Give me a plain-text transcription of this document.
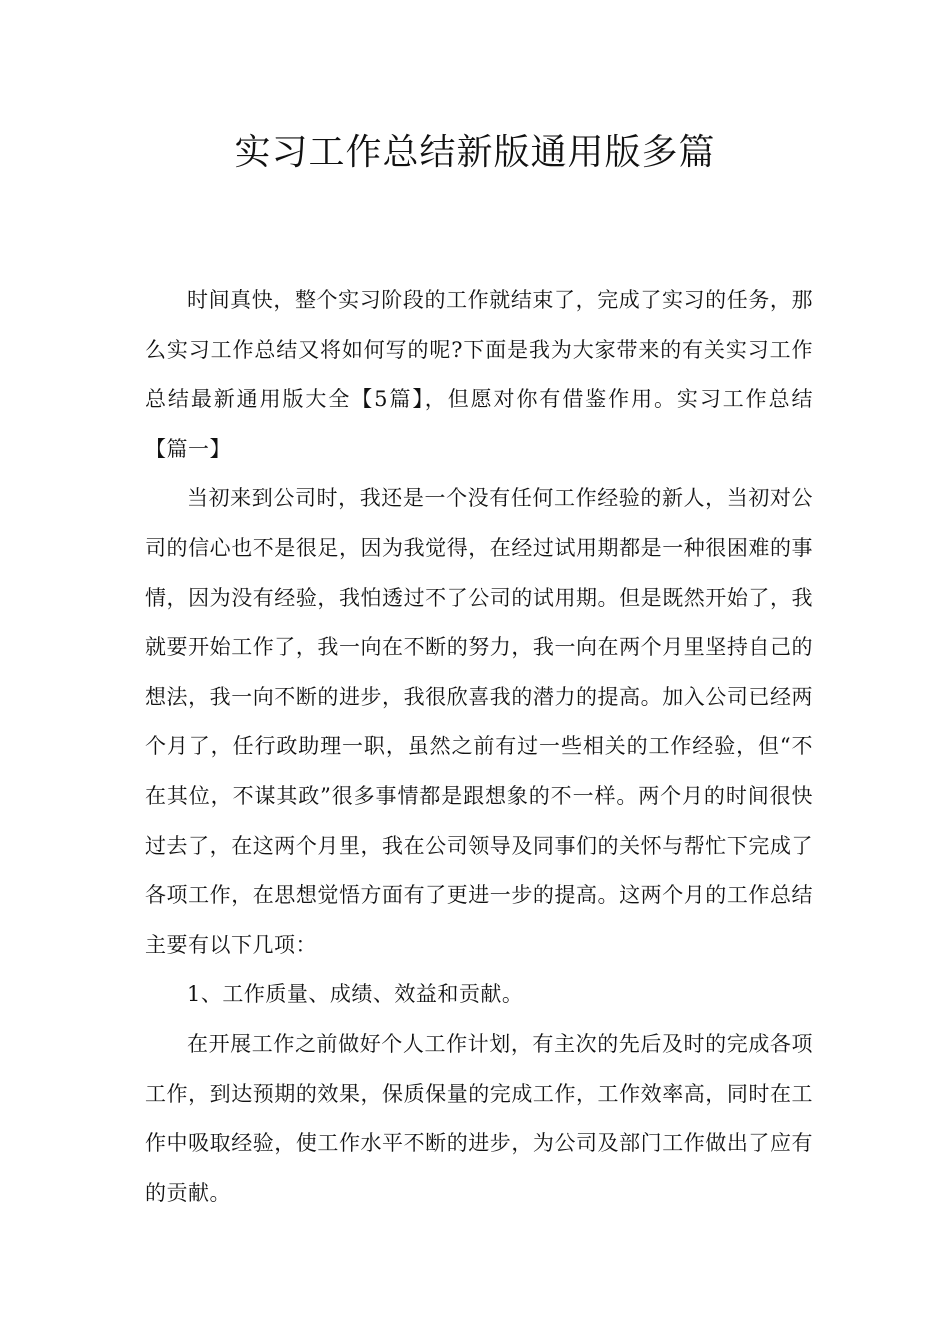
实习工作总结新版通用版多篇

时间真快，整个实习阶段的工作就结束了，完成了实习的任务，那么实习工作总结又将如何写的呢?下面是我为大家带来的有关实习工作总结最新通用版大全【5篇】，但愿对你有借鉴作用。实习工作总结【篇一】

当初来到公司时，我还是一个没有任何工作经验的新人，当初对公司的信心也不是很足，因为我觉得，在经过试用期都是一种很困难的事情，因为没有经验，我怕透过不了公司的试用期。但是既然开始了，我就要开始工作了，我一向在不断的努力，我一向在两个月里坚持自己的想法，我一向不断的进步，我很欣喜我的潜力的提高。加入公司已经两个月了，任行政助理一职，虽然之前有过一些相关的工作经验，但“不在其位，不谋其政”很多事情都是跟想象的不一样。两个月的时间很快过去了，在这两个月里，我在公司领导及同事们的关怀与帮忙下完成了各项工作，在思想觉悟方面有了更进一步的提高。这两个月的工作总结主要有以下几项：

1、工作质量、成绩、效益和贡献。

在开展工作之前做好个人工作计划，有主次的先后及时的完成各项工作，到达预期的效果，保质保量的完成工作，工作效率高，同时在工作中吸取经验，使工作水平不断的进步，为公司及部门工作做出了应有的贡献。
